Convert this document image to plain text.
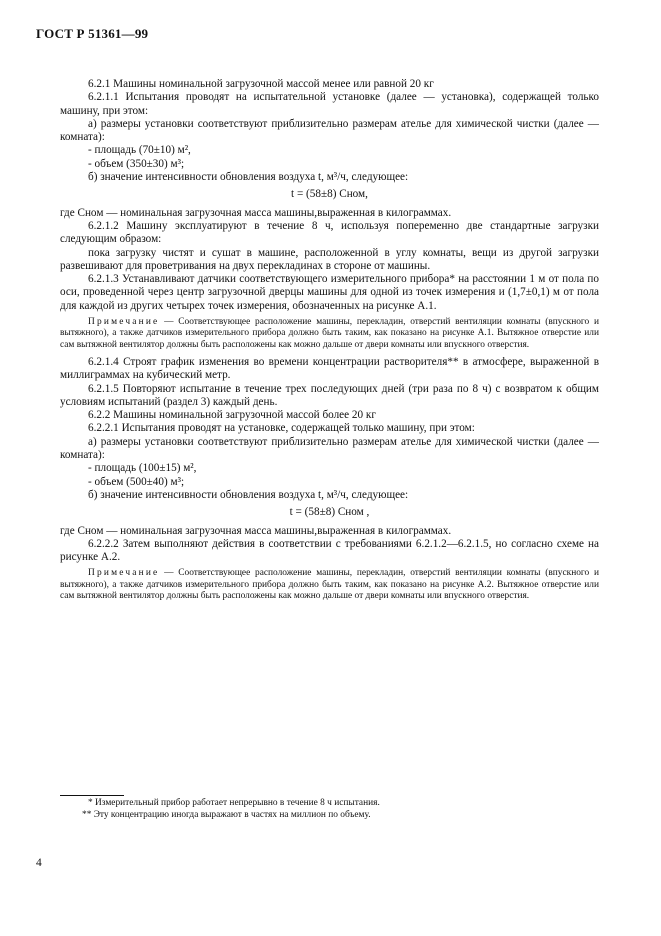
ГОСТ Р 51361—99

6.2.1 Машины номинальной загрузочной массой менее или равной 20 кг

6.2.1.1 Испытания проводят на испытательной установке (далее — установка), содержащей только машину, при этом:

а) размеры установки соответствуют приблизительно размерам ателье для химической чистки (далее — комната):

- площадь (70±10) м²,

- объем (350±30) м³;

б) значение интенсивности обновления воздуха t, м³/ч, следующее:

t = (58±8) Cном,

где Cном — номинальная загрузочная масса машины,выраженная в килограммах.

6.2.1.2 Машину эксплуатируют в течение 8 ч, используя попеременно две стандартные загрузки следующим образом:

пока загрузку чистят и сушат в машине, расположенной в углу комнаты, вещи из другой загрузки развешивают для проветривания на двух перекладинах в стороне от машины.

6.2.1.3 Устанавливают датчики соответствующего измерительного прибора* на расстоянии 1 м от пола по оси, проведенной через центр загрузочной дверцы машины для одной из точек измерения и (1,7±0,1) м от пола для каждой из других четырех точек измерения, обозначенных на рисунке А.1.

Примечание — Соответствующее расположение машины, перекладин, отверстий вентиляции комнаты (впускного и вытяжного), а также датчиков измерительного прибора должно быть таким, как показано на рисунке А.1. Вытяжное отверстие или сам вытяжной вентилятор должны быть расположены как можно дальше от двери комнаты или впускного отверстия.

6.2.1.4 Строят график изменения во времени концентрации растворителя** в атмосфере, выраженной в миллиграммах на кубический метр.

6.2.1.5 Повторяют испытание в течение трех последующих дней (три раза по 8 ч) с возвратом к общим условиям испытаний (раздел 3) каждый день.

6.2.2 Машины номинальной загрузочной массой более 20 кг

6.2.2.1 Испытания проводят на установке, содержащей только машину, при этом:

а) размеры установки соответствуют приблизительно размерам ателье для химической чистки (далее — комната):

- площадь (100±15) м²,

- объем (500±40) м³;

б) значение интенсивности обновления воздуха t, м³/ч, следующее:

t = (58±8) Cном ,

где Cном — номинальная загрузочная масса машины,выраженная в килограммах.

6.2.2.2 Затем выполняют действия в соответствии с требованиями 6.2.1.2—6.2.1.5, но согласно схеме на рисунке А.2.

Примечание — Соответствующее расположение машины, перекладин, отверстий вентиляции комнаты (впускного и вытяжного), а также датчиков измерительного прибора должно быть таким, как показано на рисунке А.2. Вытяжное отверстие или сам вытяжной вентилятор должны быть расположены как можно дальше от двери комнаты или впускного отверстия.

* Измерительный прибор работает непрерывно в течение 8 ч испытания.
** Эту концентрацию иногда выражают в частях на миллион по объему.
4
